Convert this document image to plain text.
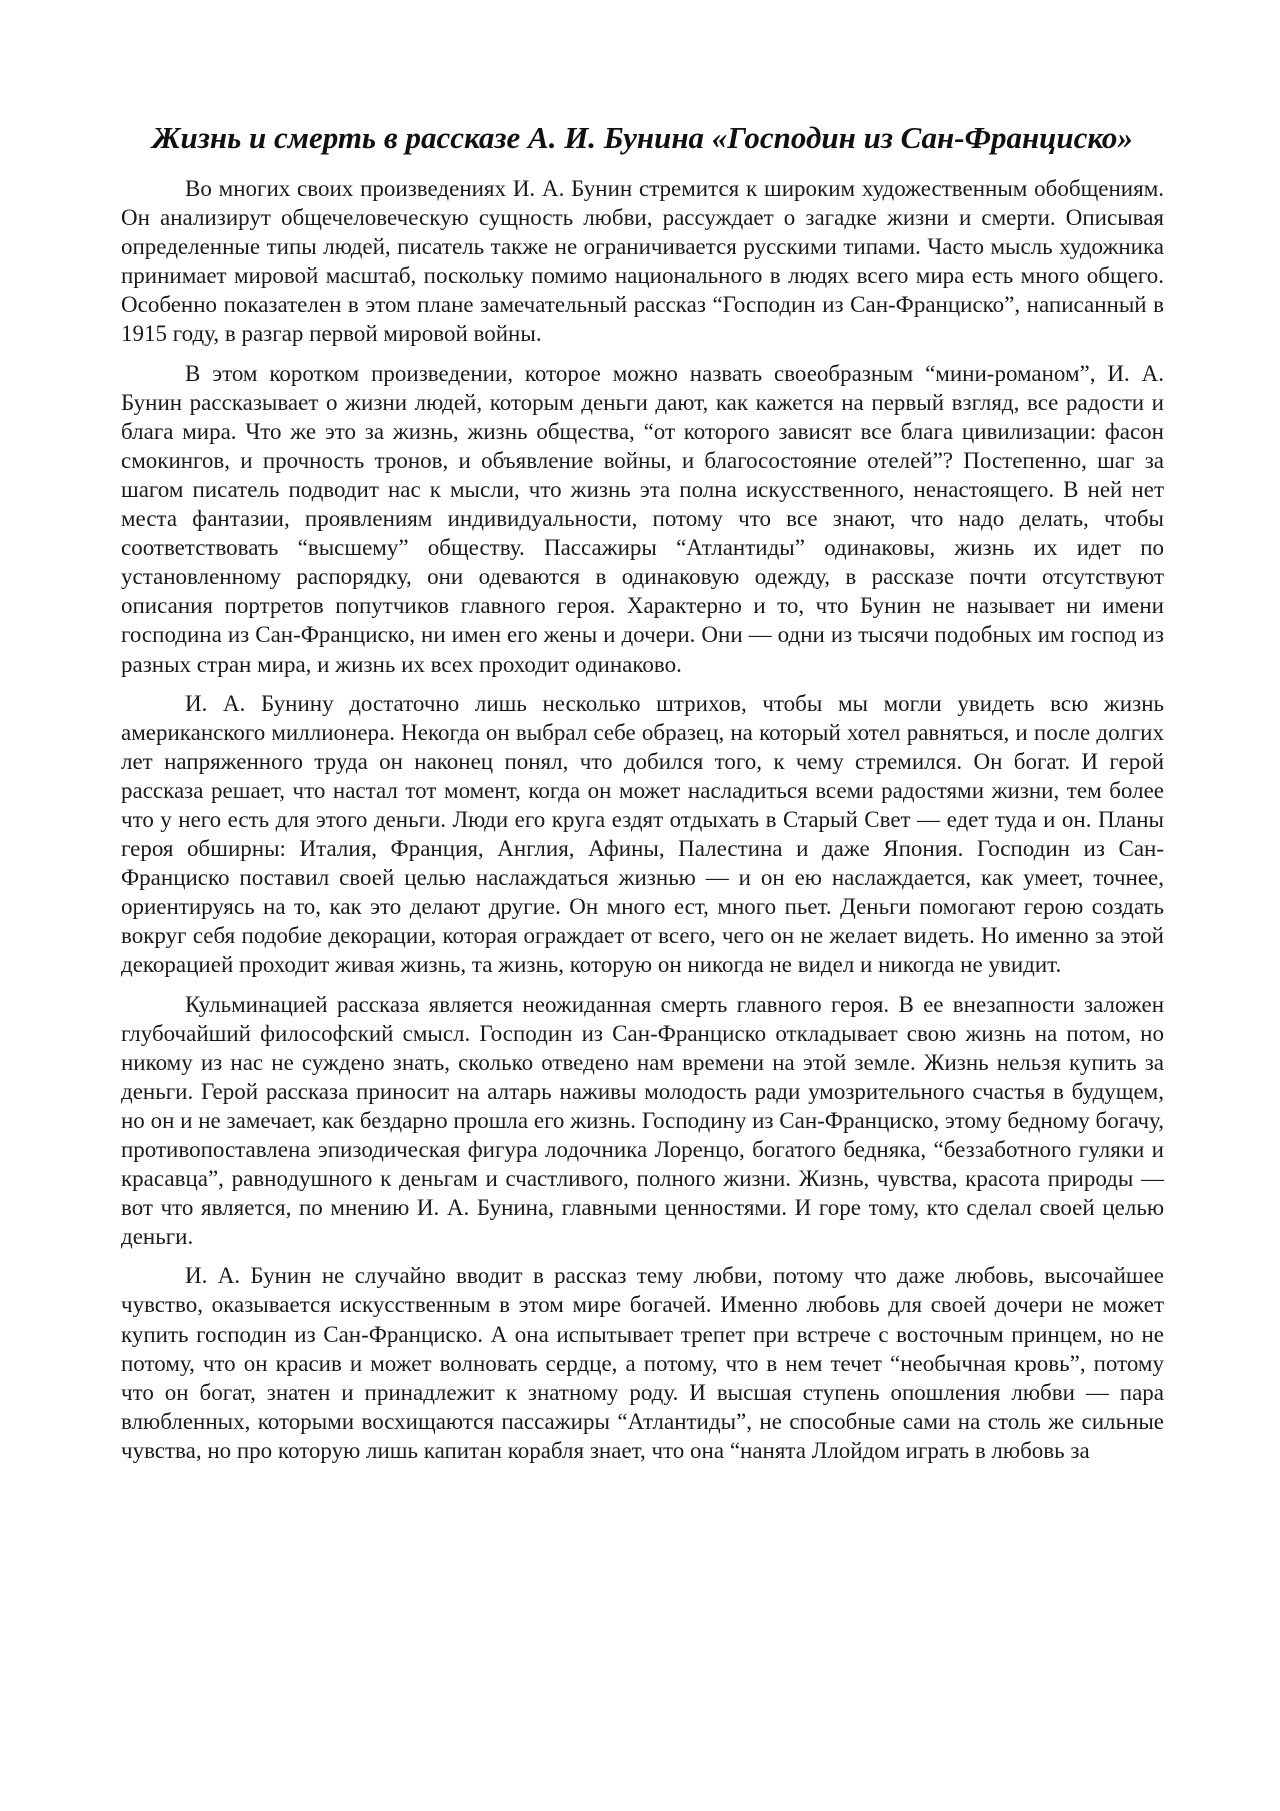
Жизнь и смерть в рассказе А. И. Бунина «Господин из Сан-Франциско»

Во многих своих произведениях И. А. Бунин стремится к широким художественным обобщениям. Он анализирут общечеловеческую сущность любви, рассуждает о загадке жизни и смерти. Описывая определенные типы людей, писатель также не ограничивается русскими типами. Часто мысль художника принимает мировой масштаб, поскольку помимо национального в людях всего мира есть много общего. Особенно показателен в этом плане замечательный рассказ “Господин из Сан-Франциско”, написанный в 1915 году, в разгар первой мировой войны.

В этом коротком произведении, которое можно назвать своеобразным “мини-романом”, И. А. Бунин рассказывает о жизни людей, которым деньги дают, как кажется на первый взгляд, все радости и блага мира. Что же это за жизнь, жизнь общества, “от которого зависят все блага цивилизации: фасон смокингов, и прочность тронов, и объявление войны, и благосостояние отелей”? Постепенно, шаг за шагом писатель подводит нас к мысли, что жизнь эта полна искусственного, ненастоящего. В ней нет места фантазии, проявлениям индивидуальности, потому что все знают, что надо делать, чтобы соответствовать “высшему” обществу. Пассажиры “Атлантиды” одинаковы, жизнь их идет по установленному распорядку, они одеваются в одинаковую одежду, в рассказе почти отсутствуют описания портретов попутчиков главного героя. Характерно и то, что Бунин не называет ни имени господина из Сан-Франциско, ни имен его жены и дочери. Они — одни из тысячи подобных им господ из разных стран мира, и жизнь их всех проходит одинаково.

И. А. Бунину достаточно лишь несколько штрихов, чтобы мы могли увидеть всю жизнь американского миллионера. Некогда он выбрал себе образец, на который хотел равняться, и после долгих лет напряженного труда он наконец понял, что добился того, к чему стремился. Он богат. И герой рассказа решает, что настал тот момент, когда он может насладиться всеми радостями жизни, тем более что у него есть для этого деньги. Люди его круга ездят отдыхать в Старый Свет — едет туда и он. Планы героя обширны: Италия, Франция, Англия, Афины, Палестина и даже Япония. Господин из Сан-Франциско поставил своей целью наслаждаться жизнью — и он ею наслаждается, как умеет, точнее, ориентируясь на то, как это делают другие. Он много ест, много пьет. Деньги помогают герою создать вокруг себя подобие декорации, которая ограждает от всего, чего он не желает видеть. Но именно за этой декорацией проходит живая жизнь, та жизнь, которую он никогда не видел и никогда не увидит.

Кульминацией рассказа является неожиданная смерть главного героя. В ее внезапности заложен глубочайший философский смысл. Господин из Сан-Франциско откладывает свою жизнь на потом, но никому из нас не суждено знать, сколько отведено нам времени на этой земле. Жизнь нельзя купить за деньги. Герой рассказа приносит на алтарь наживы молодость ради умозрительного счастья в будущем, но он и не замечает, как бездарно прошла его жизнь. Господину из Сан-Франциско, этому бедному богачу, противопоставлена эпизодическая фигура лодочника Лоренцо, богатого бедняка, “беззаботного гуляки и красавца”, равнодушного к деньгам и счастливого, полного жизни. Жизнь, чувства, красота природы — вот что является, по мнению И. А. Бунина, главными ценностями. И горе тому, кто сделал своей целью деньги.

И. А. Бунин не случайно вводит в рассказ тему любви, потому что даже любовь, высочайшее чувство, оказывается искусственным в этом мире богачей. Именно любовь для своей дочери не может купить господин из Сан-Франциско. А она испытывает трепет при встрече с восточным принцем, но не потому, что он красив и может волновать сердце, а потому, что в нем течет “необычная кровь”, потому что он богат, знатен и принадлежит к знатному роду. И высшая ступень опошления любви — пара влюбленных, которыми восхищаются пассажиры “Атлантиды”, не способные сами на столь же сильные чувства, но про которую лишь капитан корабля знает, что она “нанята Ллойдом играть в любовь за
